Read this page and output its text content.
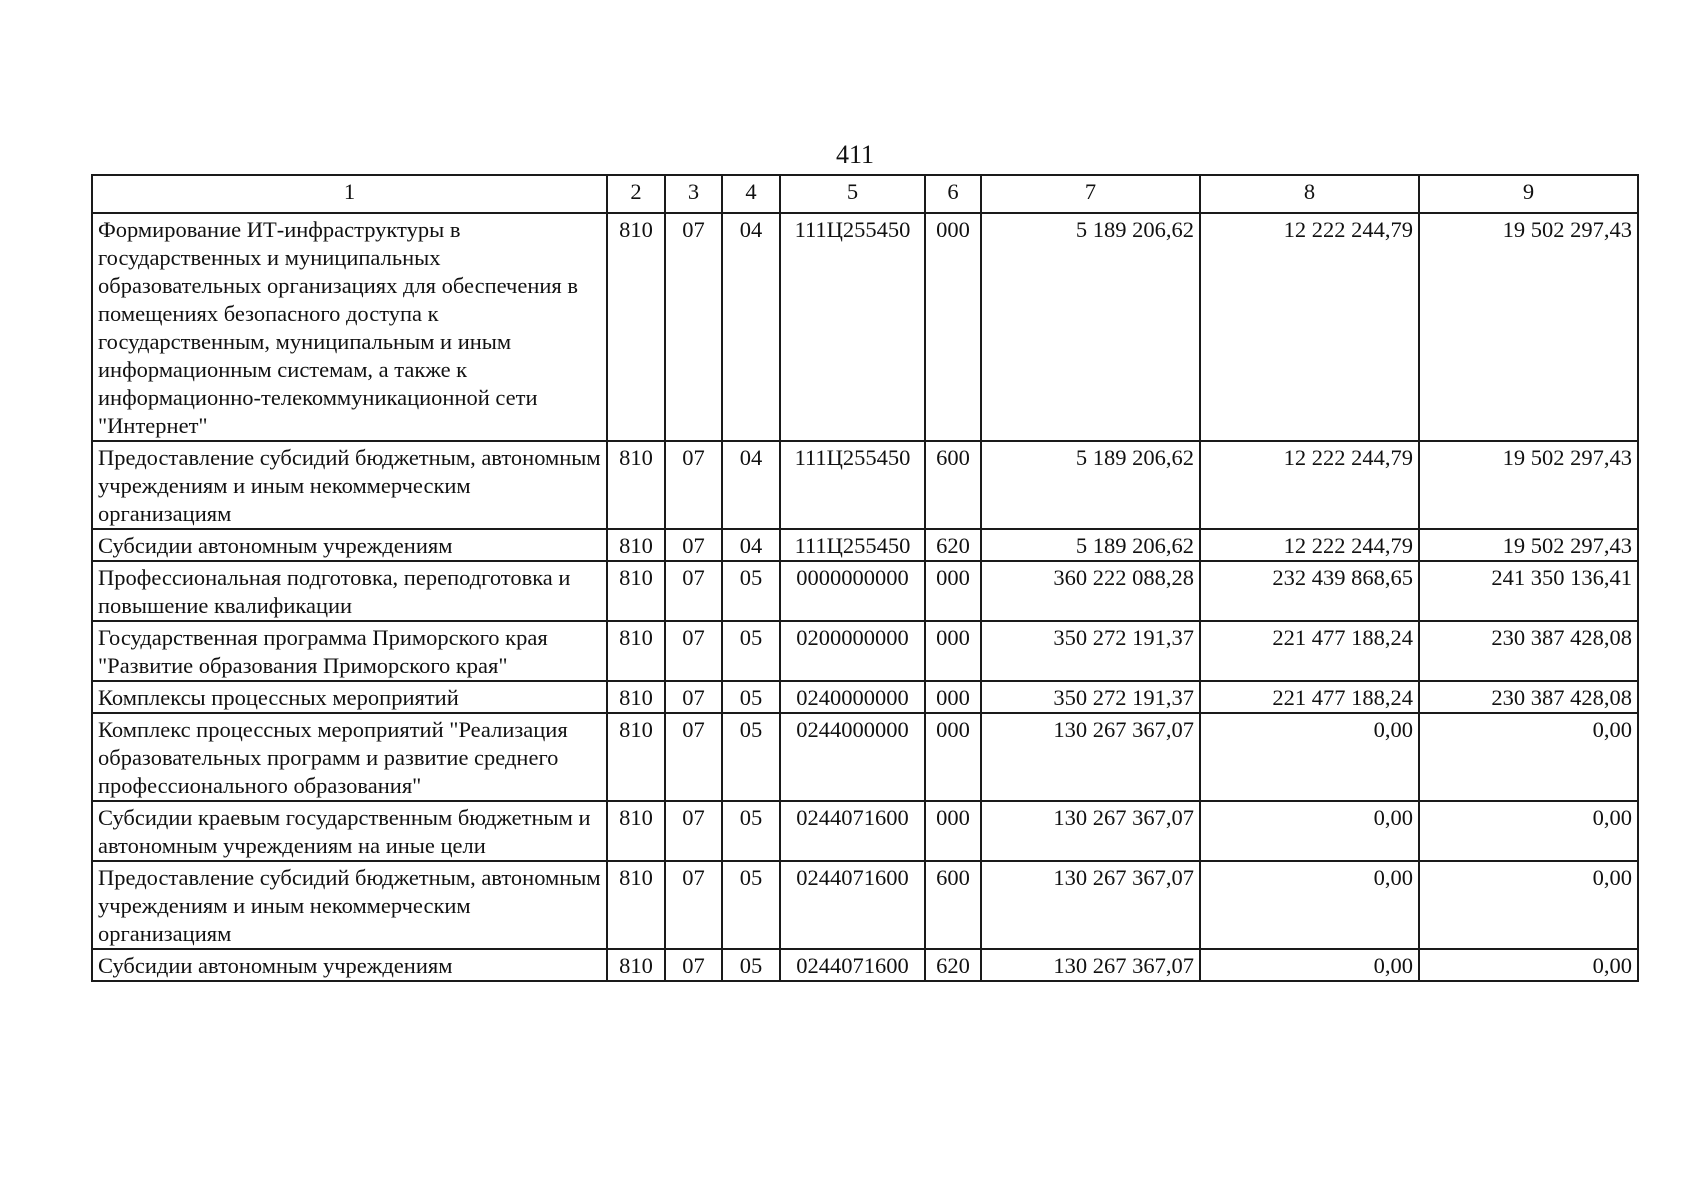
411
1	2	3	4	5	6	7	8	9
Формирование ИТ-инфраструктуры в государственных и муниципальных образовательных организациях для обеспечения в помещениях безопасного доступа к государственным, муниципальным и иным информационным системам, а также к информационно-телекоммуникационной сети "Интернет"	810	07	04	111Ц255450	000	5 189 206,62	12 222 244,79	19 502 297,43
Предоставление субсидий бюджетным, автономным учреждениям и иным некоммерческим организациям	810	07	04	111Ц255450	600	5 189 206,62	12 222 244,79	19 502 297,43
Субсидии автономным учреждениям	810	07	04	111Ц255450	620	5 189 206,62	12 222 244,79	19 502 297,43
Профессиональная подготовка, переподготовка и повышение квалификации	810	07	05	0000000000	000	360 222 088,28	232 439 868,65	241 350 136,41
Государственная программа Приморского края "Развитие образования Приморского края"	810	07	05	0200000000	000	350 272 191,37	221 477 188,24	230 387 428,08
Комплексы процессных мероприятий	810	07	05	0240000000	000	350 272 191,37	221 477 188,24	230 387 428,08
Комплекс процессных мероприятий "Реализация образовательных программ и развитие среднего профессионального образования"	810	07	05	0244000000	000	130 267 367,07	0,00	0,00
Субсидии краевым государственным бюджетным и автономным учреждениям на иные цели	810	07	05	0244071600	000	130 267 367,07	0,00	0,00
Предоставление субсидий бюджетным, автономным учреждениям и иным некоммерческим организациям	810	07	05	0244071600	600	130 267 367,07	0,00	0,00
Субсидии автономным учреждениям	810	07	05	0244071600	620	130 267 367,07	0,00	0,00
